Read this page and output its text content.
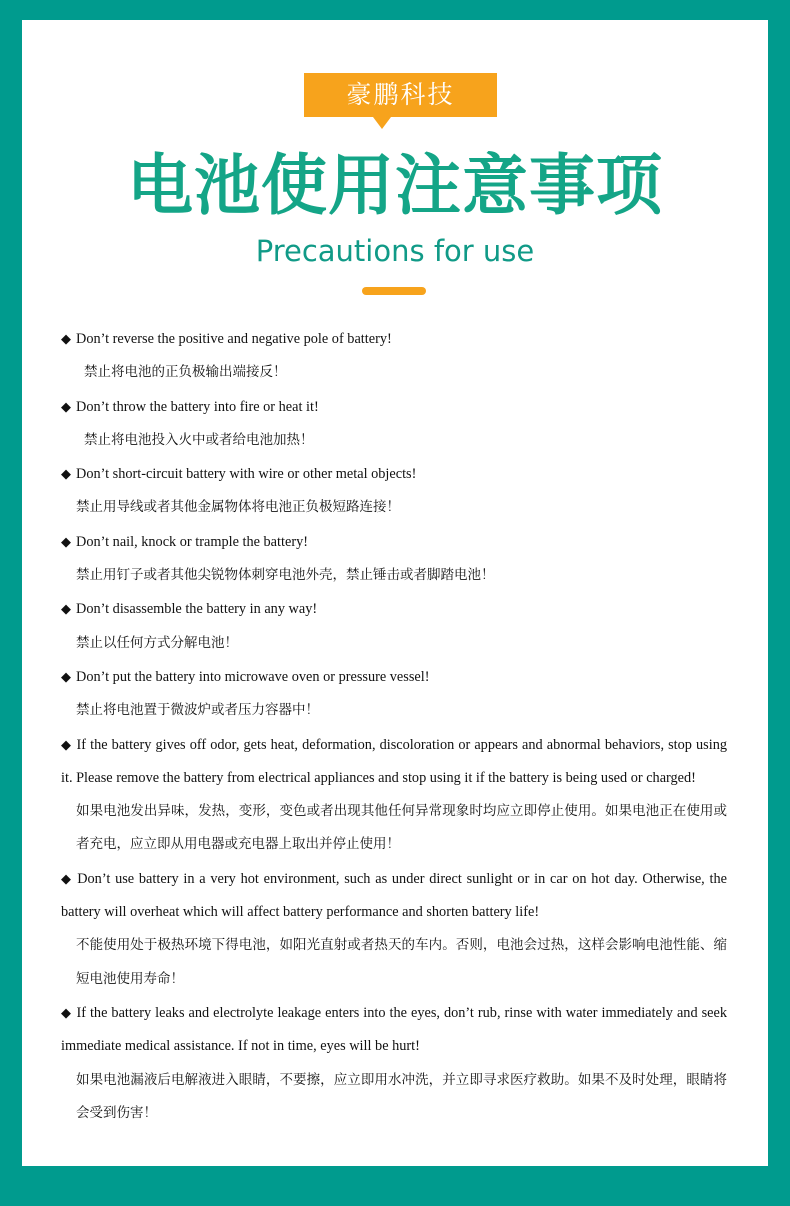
豪鹏科技
电池使用注意事项
Precautions for use
◆ Don’t reverse the positive and negative pole of battery!
禁止将电池的正负极输出端接反！
◆ Don’t throw the battery into fire or heat it!
禁止将电池投入火中或者给电池加热！
◆ Don’t short-circuit battery with wire or other metal objects!
禁止用导线或者其他金属物体将电池正负极短路连接！
◆ Don’t nail, knock or trample the battery!
禁止用钉子或者其他尖锐物体刺穿电池外壳，禁止锤击或者脚踏电池！
◆ Don’t disassemble the battery in any way!
禁止以任何方式分解电池！
◆ Don’t put the battery into microwave oven or pressure vessel!
禁止将电池置于微波炉或者压力容器中！
◆ If the battery gives off odor, gets heat, deformation, discoloration or appears and abnormal behaviors, stop using it. Please remove the battery from electrical appliances and stop using it if the battery is being used or charged!
如果电池发出异味，发热，变形，变色或者出现其他任何异常现象时均应立即停止使用。如果电池正在使用或者充电，应立即从用电器或充电器上取出并停止使用！
◆ Don’t use battery in a very hot environment, such as under direct sunlight or in car on hot day. Otherwise, the battery will overheat which will affect battery performance and shorten battery life!
不能使用处于极热环境下得电池，如阳光直射或者热天的车内。否则，电池会过热，这样会影响电池性能、缩短电池使用寿命！
◆ If the battery leaks and electrolyte leakage enters into the eyes, don’t rub, rinse with water immediately and seek immediate medical assistance. If not in time, eyes will be hurt!
如果电池漏液后电解液进入眼睛，不要擦，应立即用水冲洗，并立即寻求医疗救助。如果不及时处理，眼睛将会受到伤害！
